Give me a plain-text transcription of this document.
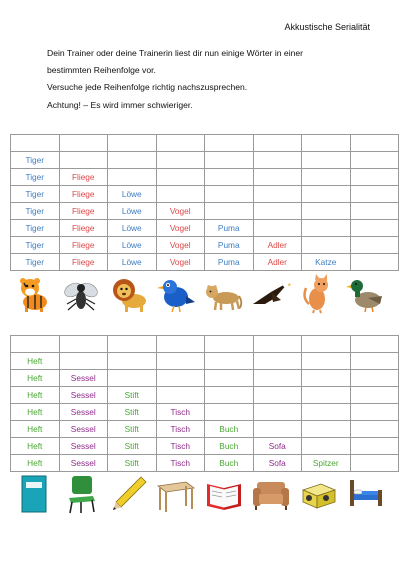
Akkustische Serialität
Dein Trainer oder deine Trainerin liest dir nun einige Wörter in einer
bestimmten Reihenfolge vor.
Versuche jede Reihenfolge richtig nachszusprechen.
Achtung! – Es wird immer schwieriger.

Tiger							
Tiger	Fliege						
Tiger	Fliege	Löwe					
Tiger	Fliege	Löwe	Vogel				
Tiger	Fliege	Löwe	Vogel	Puma			
Tiger	Fliege	Löwe	Vogel	Puma	Adler		
Tiger	Fliege	Löwe	Vogel	Puma	Adler	Katze	

Heft							
Heft	Sessel						
Heft	Sessel	Stift					
Heft	Sessel	Stift	Tisch				
Heft	Sessel	Stift	Tisch	Buch			
Heft	Sessel	Stift	Tisch	Buch	Sofa		
Heft	Sessel	Stift	Tisch	Buch	Sofa	Spitzer	
